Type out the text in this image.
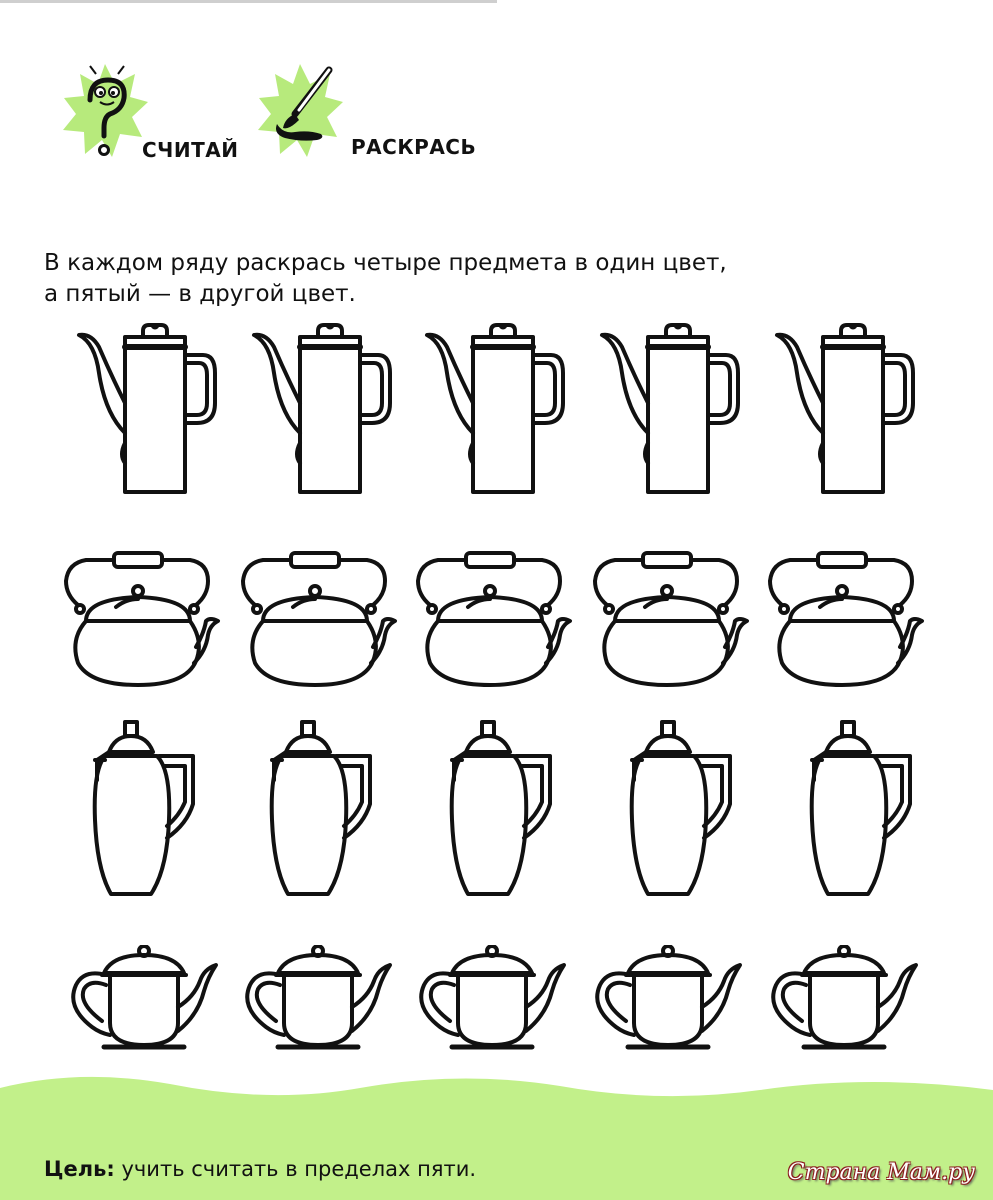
СЧИТАЙ	РАСКРАСЬ
В каждом ряду раскрась четыре предмета в один цвет,
а пятый — в другой цвет.
Цель: учить считать в пределах пяти.	Страна Мам.ру
